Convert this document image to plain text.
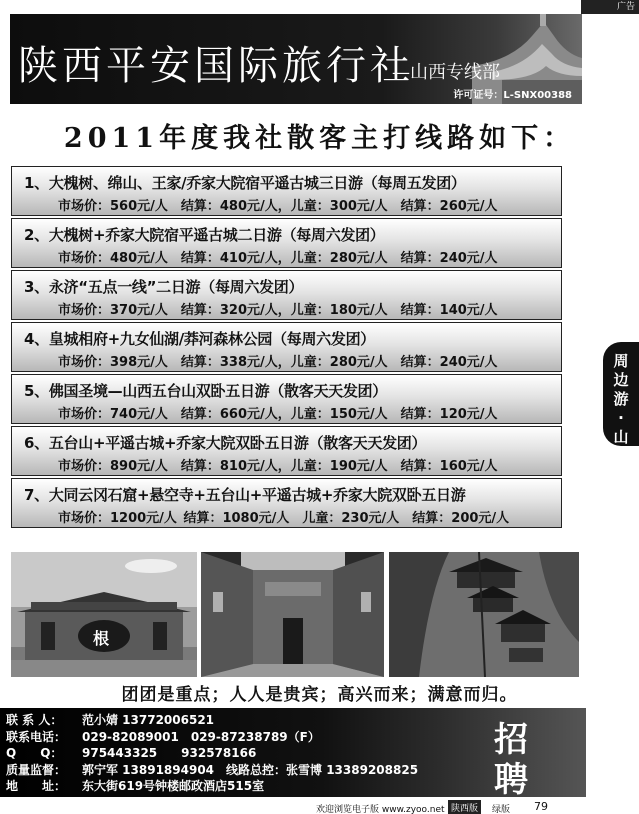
广告
陕西平安国际旅行社
—山西专线部
许可证号：L-SNX00388
2011年度我社散客主打线路如下：
1、大槐树、绵山、王家/乔家大院宿平遥古城三日游（每周五发团）
市场价：560元/人　结算：480元/人，儿童：300元/人　结算：260元/人
2、大槐树+乔家大院宿平遥古城二日游（每周六发团）
市场价：480元/人　结算：410元/人，儿童：280元/人　结算：240元/人
3、永济“五点一线”二日游（每周六发团）
市场价：370元/人　结算：320元/人，儿童：180元/人　结算：140元/人
4、皇城相府+九女仙湖/莽河森林公园（每周六发团）
市场价：398元/人　结算：338元/人，儿童：280元/人　结算：240元/人
5、佛国圣境—山西五台山双卧五日游（散客天天发团）
市场价：740元/人　结算：660元/人，儿童：150元/人　结算：120元/人
6、五台山+平遥古城+乔家大院双卧五日游（散客天天发团）
市场价：890元/人　结算：810元/人，儿童：190元/人　结算：160元/人
7、大同云冈石窟+悬空寺+五台山+平遥古城+乔家大院双卧五日游
市场价：1200元/人 结算：1080元/人　儿童：230元/人　结算：200元/人
周
边
游
·
山
根
团团是重点；人人是贵宾；高兴而来；满意而归。
联 系 人： 范小婧 13772006521
联系电话： 029-82089001　029-87238789（F）
Q　　Q： 975443325　　932578166
质量监督： 郭宁军 13891894904　线路总控：张雪博 13389208825
地　　址： 东大街619号钟楼邮政酒店515室
招
聘
欢迎浏览电子版 www.zyoo.net 陕西版	绿版 79
